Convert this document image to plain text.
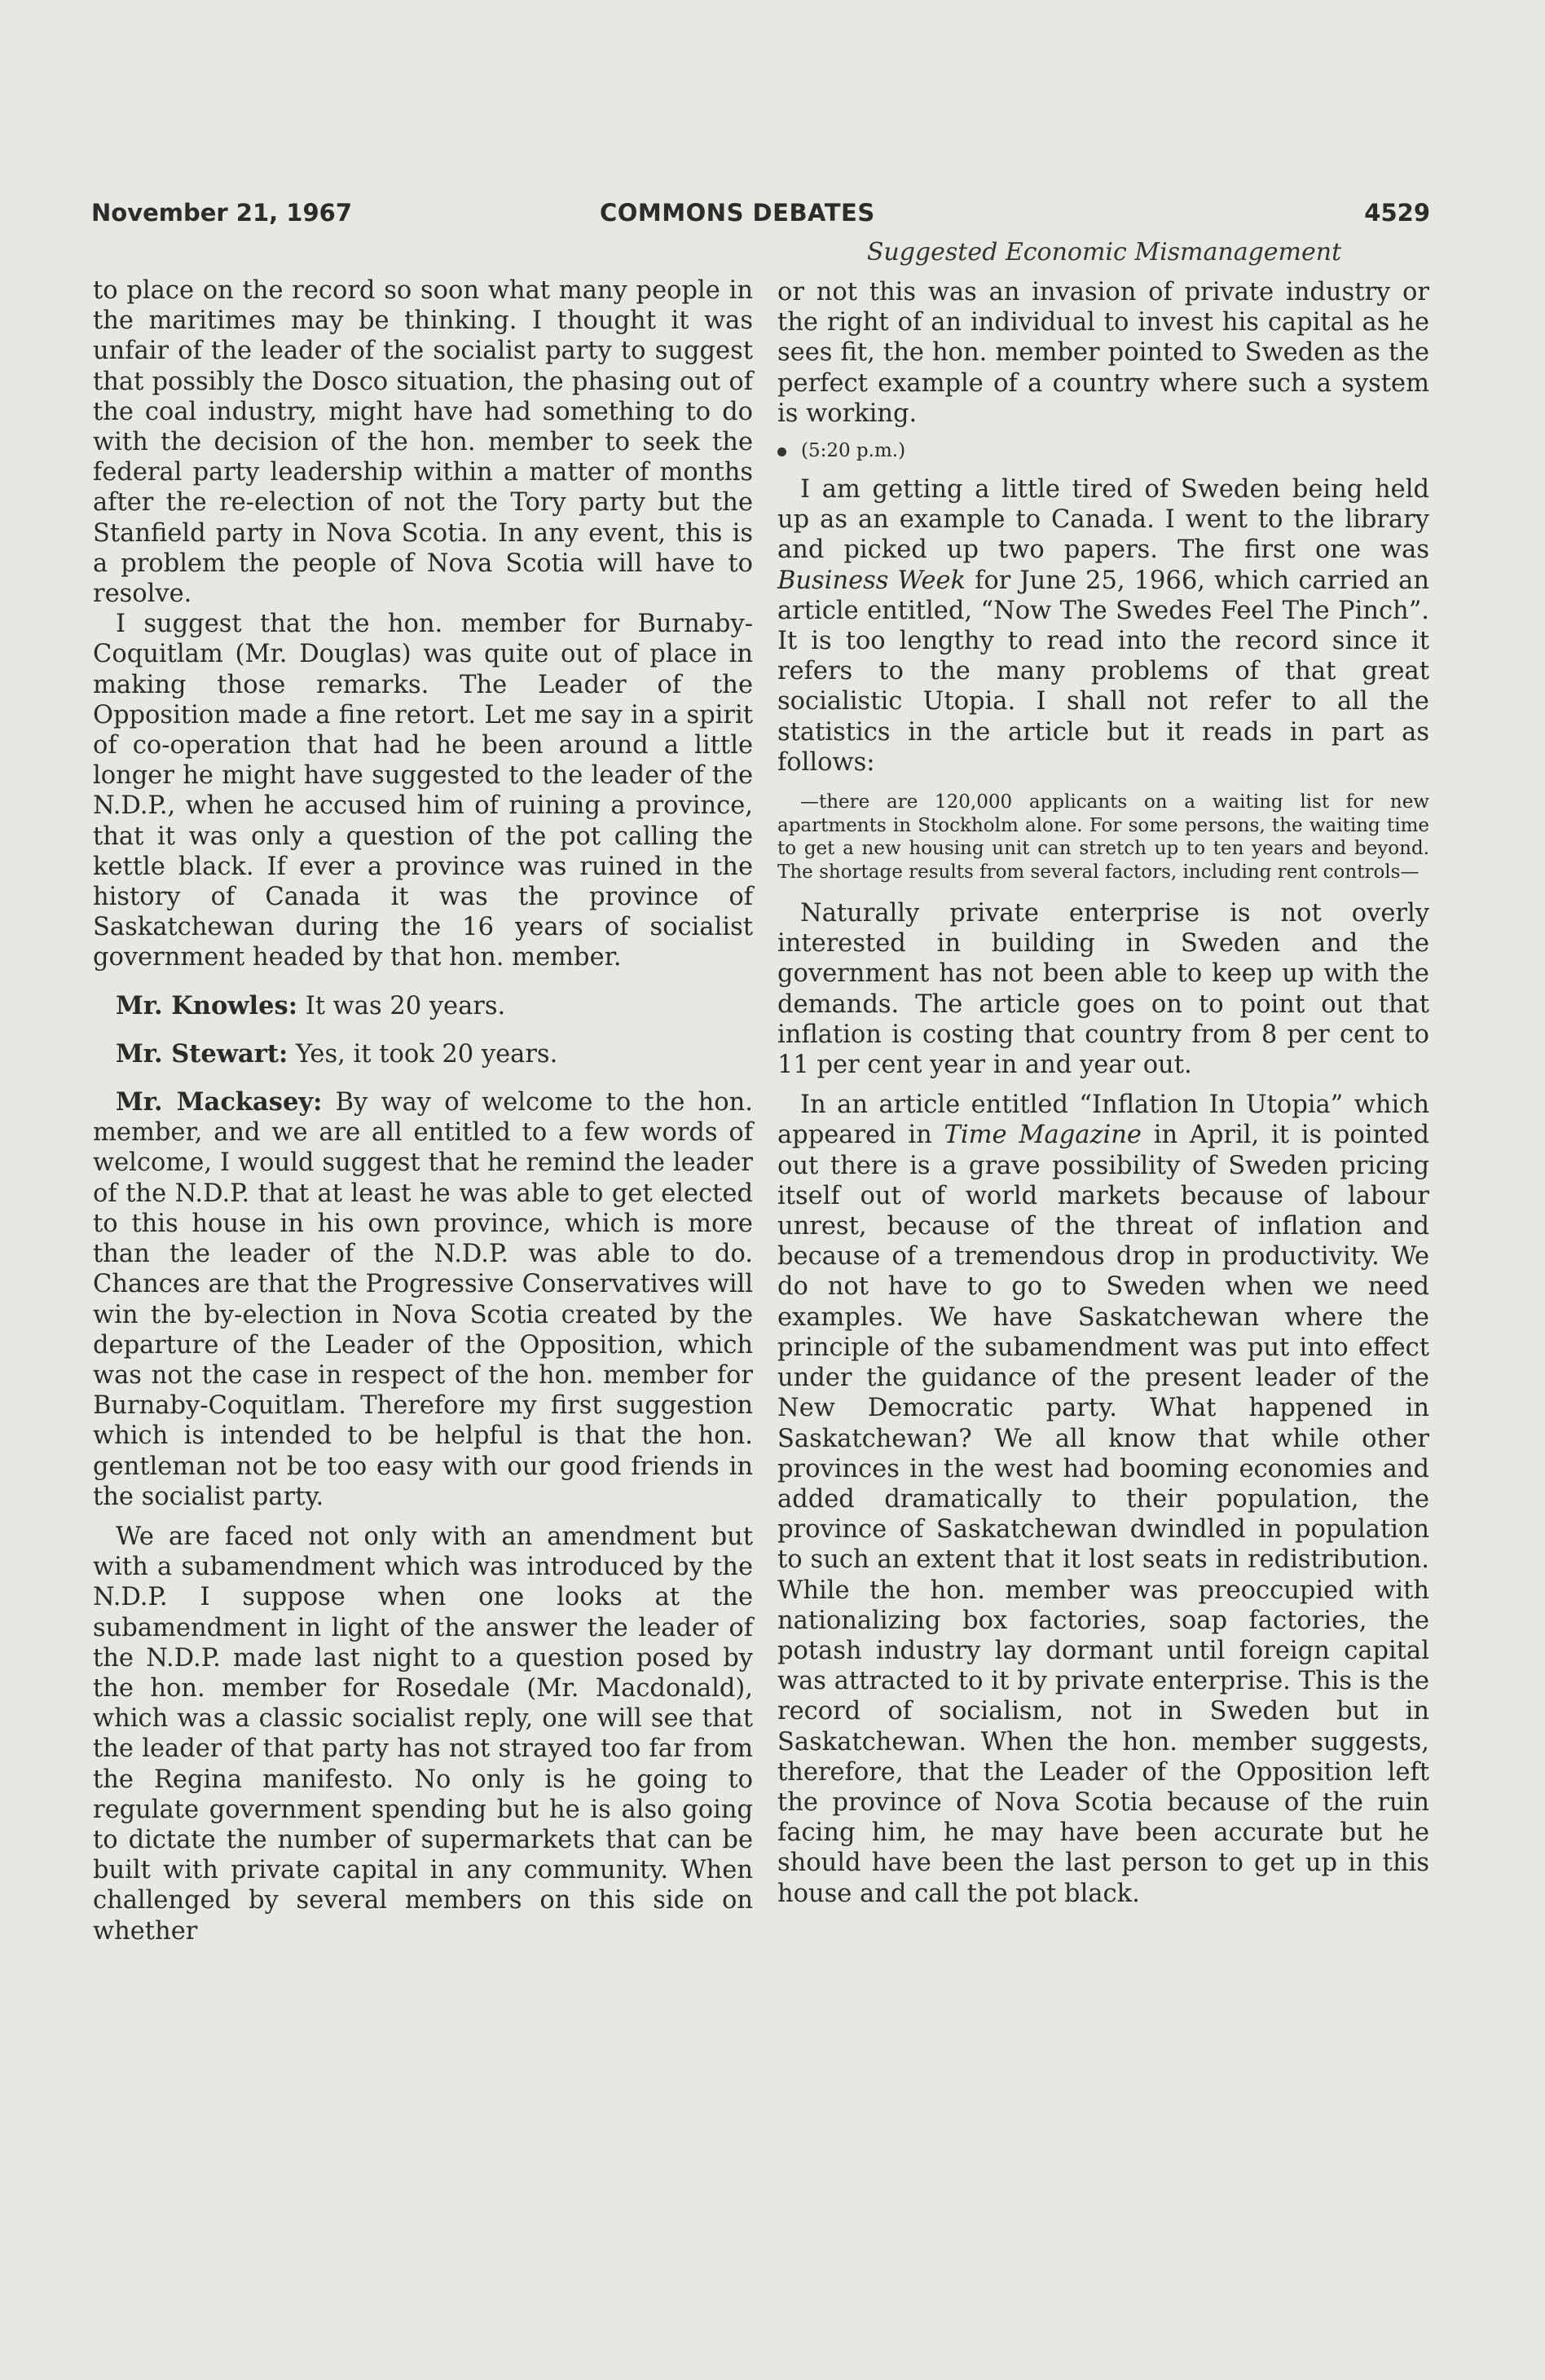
November 21, 1967	COMMONS DEBATES	4529
Suggested Economic Mismanagement

to place on the record so soon what many people in the maritimes may be thinking. I thought it was unfair of the leader of the socialist party to suggest that possibly the Dosco situation, the phasing out of the coal industry, might have had something to do with the decision of the hon. member to seek the federal party leadership within a matter of months after the re-election of not the Tory party but the Stanfield party in Nova Scotia. In any event, this is a problem the people of Nova Scotia will have to resolve.

I suggest that the hon. member for Burnaby-Coquitlam (Mr. Douglas) was quite out of place in making those remarks. The Leader of the Opposition made a fine retort. Let me say in a spirit of co-operation that had he been around a little longer he might have suggested to the leader of the N.D.P., when he accused him of ruining a province, that it was only a question of the pot calling the kettle black. If ever a province was ruined in the history of Canada it was the province of Saskatchewan during the 16 years of socialist government headed by that hon. member.

Mr. Knowles: It was 20 years.

Mr. Stewart: Yes, it took 20 years.

Mr. Mackasey: By way of welcome to the hon. member, and we are all entitled to a few words of welcome, I would suggest that he remind the leader of the N.D.P. that at least he was able to get elected to this house in his own province, which is more than the leader of the N.D.P. was able to do. Chances are that the Progressive Conservatives will win the by-election in Nova Scotia created by the departure of the Leader of the Opposition, which was not the case in respect of the hon. member for Burnaby-Coquitlam. Therefore my first suggestion which is intended to be helpful is that the hon. gentleman not be too easy with our good friends in the socialist party.

We are faced not only with an amendment but with a subamendment which was introduced by the N.D.P. I suppose when one looks at the subamendment in light of the answer the leader of the N.D.P. made last night to a question posed by the hon. member for Rosedale (Mr. Macdonald), which was a classic socialist reply, one will see that the leader of that party has not strayed too far from the Regina manifesto. No only is he going to regulate government spending but he is also going to dictate the number of supermarkets that can be built with private capital in any community. When challenged by several members on this side on whether

or not this was an invasion of private industry or the right of an individual to invest his capital as he sees fit, the hon. member pointed to Sweden as the perfect example of a country where such a system is working.

(5:20 p.m.)

I am getting a little tired of Sweden being held up as an example to Canada. I went to the library and picked up two papers. The first one was Business Week for June 25, 1966, which carried an article entitled, “Now The Swedes Feel The Pinch”. It is too lengthy to read into the record since it refers to the many problems of that great socialistic Utopia. I shall not refer to all the statistics in the article but it reads in part as follows:

—there are 120,000 applicants on a waiting list for new apartments in Stockholm alone. For some persons, the waiting time to get a new housing unit can stretch up to ten years and beyond. The shortage results from several factors, including rent controls—

Naturally private enterprise is not overly interested in building in Sweden and the government has not been able to keep up with the demands. The article goes on to point out that inflation is costing that country from 8 per cent to 11 per cent year in and year out.

In an article entitled “Inflation In Utopia” which appeared in Time Magazine in April, it is pointed out there is a grave possibility of Sweden pricing itself out of world markets because of labour unrest, because of the threat of inflation and because of a tremendous drop in productivity. We do not have to go to Sweden when we need examples. We have Saskatchewan where the principle of the subamendment was put into effect under the guidance of the present leader of the New Democratic party. What happened in Saskatchewan? We all know that while other provinces in the west had booming economies and added dramatically to their population, the province of Saskatchewan dwindled in population to such an extent that it lost seats in redistribution. While the hon. member was preoccupied with nationalizing box factories, soap factories, the potash industry lay dormant until foreign capital was attracted to it by private enterprise. This is the record of socialism, not in Sweden but in Saskatchewan. When the hon. member suggests, therefore, that the Leader of the Opposition left the province of Nova Scotia because of the ruin facing him, he may have been accurate but he should have been the last person to get up in this house and call the pot black.
